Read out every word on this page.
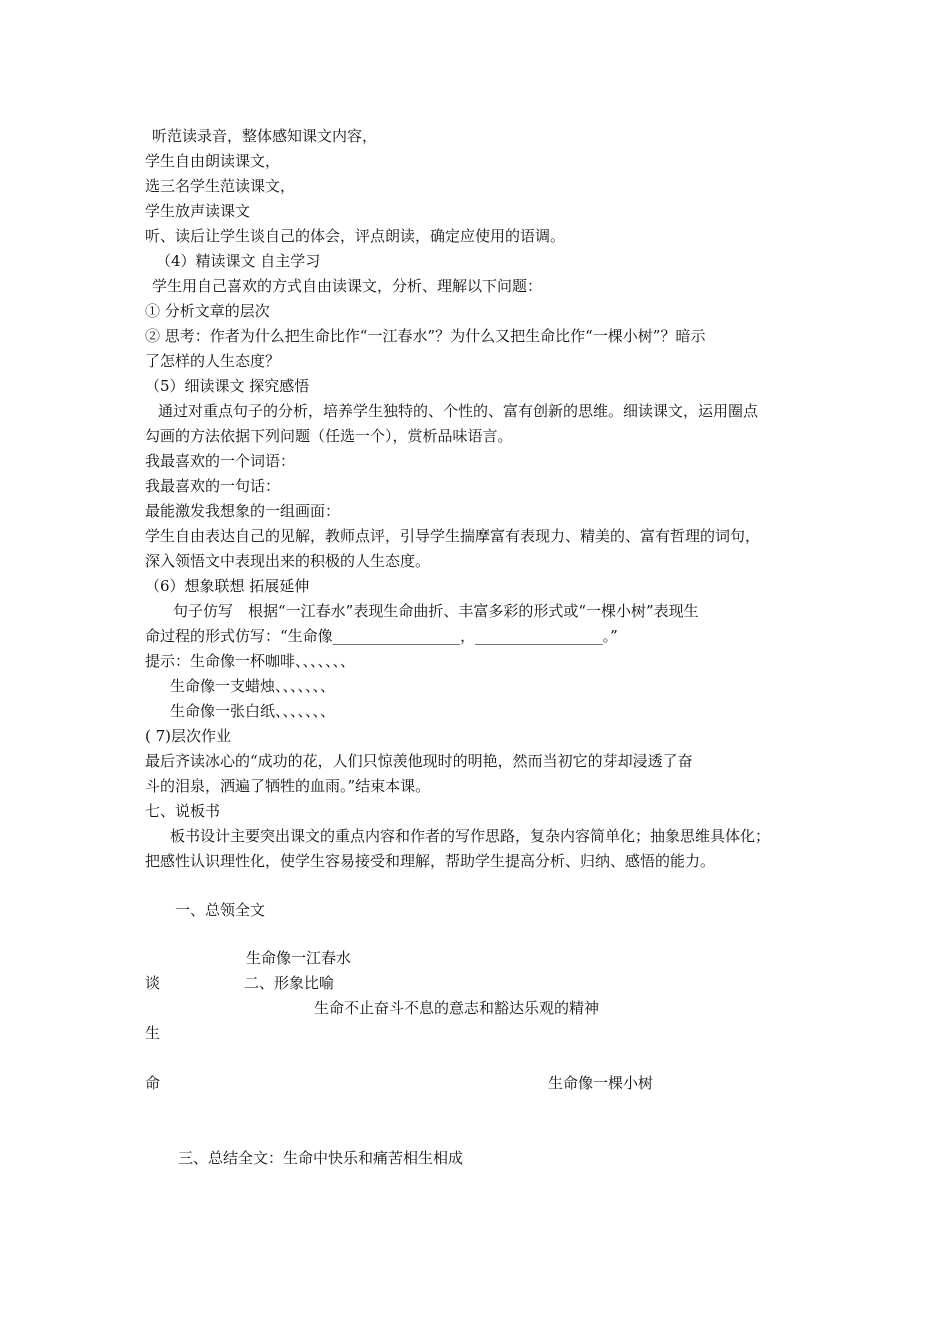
听范读录音，整体感知课文内容，
学生自由朗读课文，
选三名学生范读课文，
学生放声读课文
听、读后让学生谈自己的体会，评点朗读，确定应使用的语调。
（4）精读课文 自主学习
学生用自己喜欢的方式自由读课文，分析、理解以下问题：
① 分析文章的层次
② 思考：作者为什么把生命比作“一江春水”？为什么又把生命比作“一棵小树”？暗示
了怎样的人生态度？
（5）细读课文 探究感悟
通过对重点句子的分析，培养学生独特的、个性的、富有创新的思维。细读课文，运用圈点
勾画的方法依据下列问题（任选一个），赏析品味语言。
我最喜欢的一个词语：
我最喜欢的一句话：
最能激发我想象的一组画面：
学生自由表达自己的见解，教师点评，引导学生揣摩富有表现力、精美的、富有哲理的词句，
深入领悟文中表现出来的积极的人生态度。
（6）想象联想 拓展延伸
句子仿写　根据“一江春水”表现生命曲折、丰富多彩的形式或“一棵小树”表现生
命过程的形式仿写：“生命像_________________，_________________。”
提示：生命像一杯咖啡、、、、、、、
生命像一支蜡烛、、、、、、、
生命像一张白纸、、、、、、、
( 7)层次作业
最后齐读冰心的“成功的花，人们只惊羡他现时的明艳，然而当初它的芽却浸透了奋
斗的泪泉，洒遍了牺牲的血雨。”结束本课。
七、说板书
板书设计主要突出课文的重点内容和作者的写作思路，复杂内容简单化；抽象思维具体化；
把感性认识理性化，使学生容易接受和理解，帮助学生提高分析、归纳、感悟的能力。
一、总领全文
生命像一江春水
谈	二、形象比喻
生命不止奋斗不息的意志和豁达乐观的精神
生
命	生命像一棵小树
三、总结全文：生命中快乐和痛苦相生相成
